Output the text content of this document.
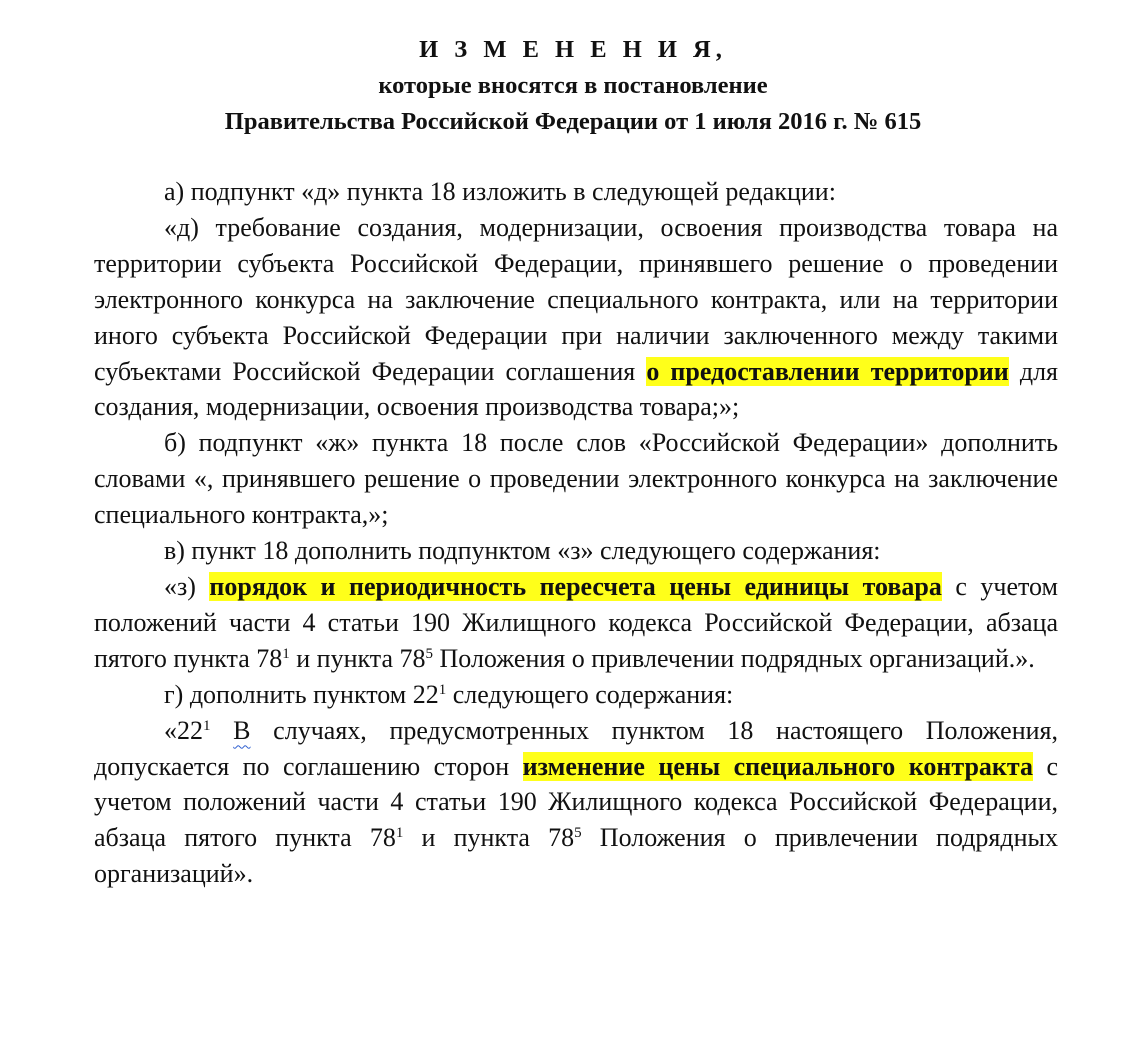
И З М Е Н Е Н И Я,
которые вносятся в постановление
Правительства Российской Федерации от 1 июля 2016 г. № 615

а) подпункт «д» пункта 18 изложить в следующей редакции:

«д) требование создания, модернизации, освоения производства товара на территории субъекта Российской Федерации, принявшего решение о проведении электронного конкурса на заключение специального контракта, или на территории иного субъекта Российской Федерации при наличии заключенного между такими субъектами Российской Федерации соглашения о предоставлении территории для создания, модернизации, освоения производства товара;»;

б) подпункт «ж» пункта 18 после слов «Российской Федерации» дополнить словами «, принявшего решение о проведении электронного конкурса на заключение специального контракта,»;

в) пункт 18 дополнить подпунктом «з» следующего содержания:

«з) порядок и периодичность пересчета цены единицы товара с учетом положений части 4 статьи 190 Жилищного кодекса Российской Федерации, абзаца пятого пункта $78^1$ и пункта $78^5$ Положения о привлечении подрядных организаций.».

г) дополнить пунктом $22^1$ следующего содержания:

«$22^1$ В случаях, предусмотренных пунктом 18 настоящего Положения, допускается по соглашению сторон изменение цены специального контракта с учетом положений части 4 статьи 190 Жилищного кодекса Российской Федерации, абзаца пятого пункта $78^1$ и пункта $78^5$ Положения о привлечении подрядных организаций».
